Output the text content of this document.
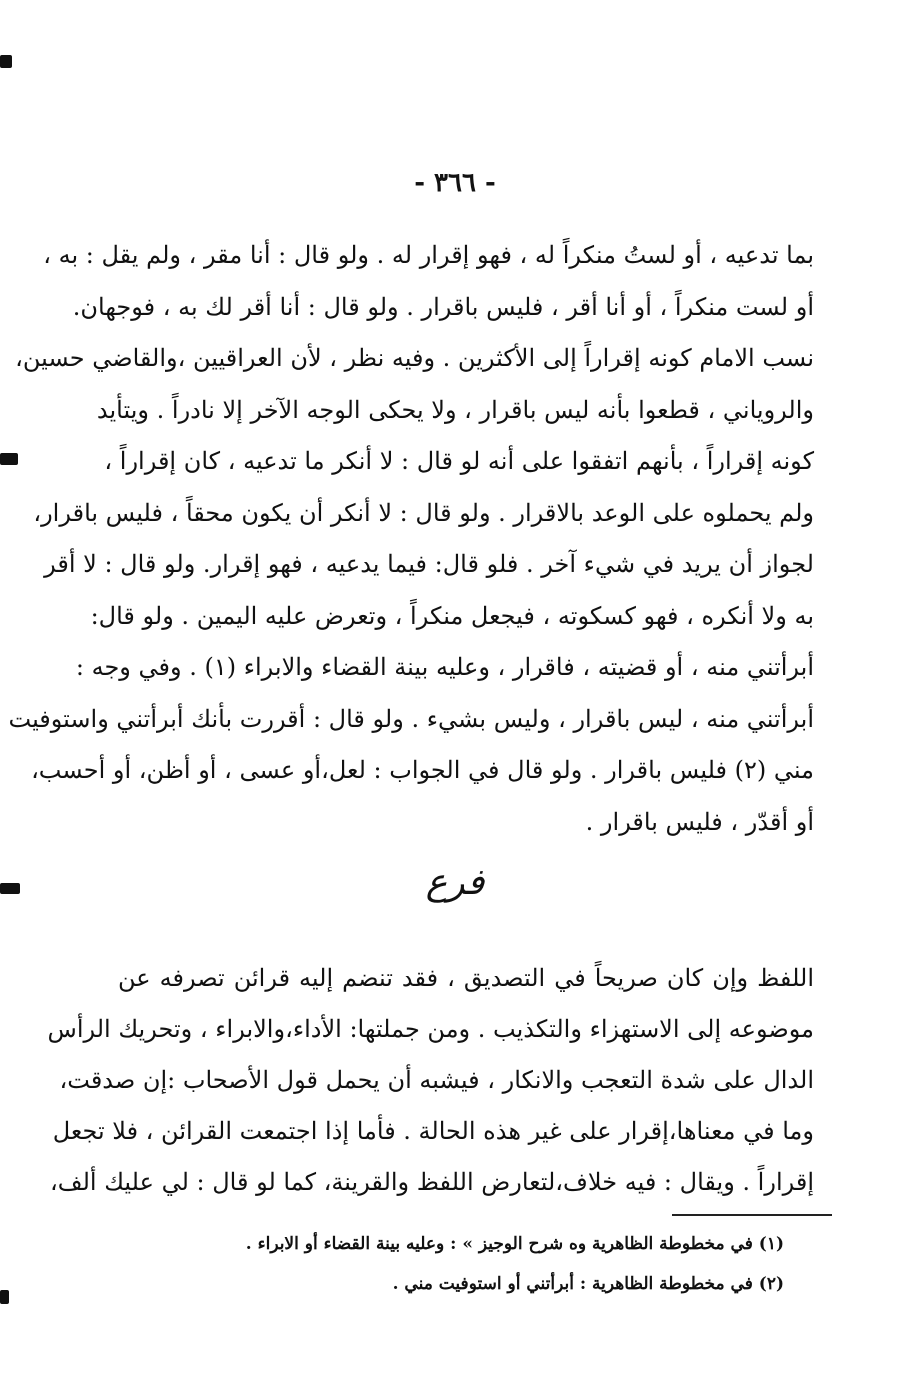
- ٣٦٦ -
بما تدعيه ، أو لستُ منكراً له ، فهو إقرار له . ولو قال : أنا مقر ، ولم يقل : به ،
أو لست منكراً ، أو أنا أقر ، فليس باقرار . ولو قال : أنا أقر لك به ، فوجهان.
نسب الامام كونه إقراراً إلى الأكثرين . وفيه نظر ، لأن العراقيين ،والقاضي حسين،
والروياني ، قطعوا بأنه ليس باقرار ، ولا يحكى الوجه الآخر إلا نادراً . ويتأيد
كونه إقراراً ، بأنهم اتفقوا على أنه لو قال : لا أنكر ما تدعيه ، كان إقراراً ،
ولم يحملوه على الوعد بالاقرار . ولو قال : لا أنكر أن يكون محقاً ، فليس باقرار،
لجواز أن يريد في شيء آخر . فلو قال: فيما يدعيه ، فهو إقرار. ولو قال : لا أقر
به ولا أنكره ، فهو كسكوته ، فيجعل منكراً ، وتعرض عليه اليمين . ولو قال:
أبرأتني منه ، أو قضيته ، فاقرار ، وعليه بينة القضاء والابراء (١) . وفي وجه :
أبرأتني منه ، ليس باقرار ، وليس بشيء . ولو قال : أقررت بأنك أبرأتني واستوفيت
مني (٢) فليس باقرار . ولو قال في الجواب : لعل،أو عسى ، أو أظن، أو أحسب،
أو أقدّر ، فليس باقرار .
فرع
اللفظ وإن كان صريحاً في التصديق ، فقد تنضم إليه قرائن تصرفه عن
موضوعه إلى الاستهزاء والتكذيب . ومن جملتها: الأداء،والابراء ، وتحريك الرأس
الدال على شدة التعجب والانكار ، فيشبه أن يحمل قول الأصحاب :إن صدقت،
وما في معناها،إقرار على غير هذه الحالة . فأما إذا اجتمعت القرائن ، فلا تجعل
إقراراً . ويقال : فيه خلاف،لتعارض اللفظ والقرينة، كما لو قال : لي عليك ألف،
(١) في مخطوطة الظاهرية وه شرح الوجيز » : وعليه بينة القضاء أو الابراء .
(٢) في مخطوطة الظاهرية : أبرأتني أو استوفيت مني .
